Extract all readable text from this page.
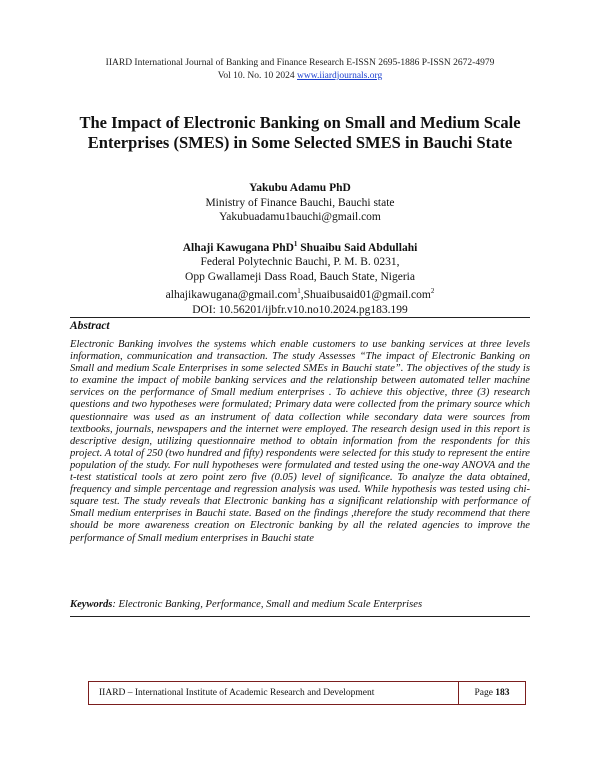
IIARD International Journal of Banking and Finance Research E-ISSN 2695-1886 P-ISSN 2672-4979
Vol 10. No. 10 2024 www.iiardjournals.org
The Impact of Electronic Banking on Small and Medium Scale Enterprises (SMES) in Some Selected SMES in Bauchi State
Yakubu Adamu PhD
Ministry of Finance Bauchi, Bauchi state
Yakubuadamu1bauchi@gmail.com
Alhaji Kawugana PhD$^1$ Shuaibu Said Abdullahi
Federal Polytechnic Bauchi, P. M. B. 0231,
Opp Gwallameji Dass Road, Bauch State, Nigeria
alhajikawugana@gmail.com$^1$,Shuaibusaid01@gmail.com$^2$
DOI: 10.56201/ijbfr.v10.no10.2024.pg183.199
Abstract
Electronic Banking involves the systems which enable customers to use banking services at three levels information, communication and transaction. The study Assesses “The impact of Electronic Banking on Small and medium Scale Enterprises in some selected SMEs in Bauchi state”. The objectives of the study is to examine the impact of mobile banking services and the relationship between automated teller machine services on the performance of Small medium enterprises . To achieve this objective, three (3) research questions and two hypotheses were formulated; Primary data were collected from the primary source which questionnaire was used as an instrument of data collection while secondary data were sources from textbooks, journals, newspapers and the internet were employed. The research design used in this report is descriptive design, utilizing questionnaire method to obtain information from the respondents for this project. A total of 250 (two hundred and fifty) respondents were selected for this study to represent the entire population of the study. For null hypotheses were formulated and tested using the one-way ANOVA and the t-test statistical tools at zero point zero five (0.05) level of significance. To analyze the data obtained, frequency and simple percentage and regression analysis was used. While hypothesis was tested using chi-square test. The study reveals that Electronic banking has a significant relationship with performance of Small medium enterprises in Bauchi state. Based on the findings ,therefore the study recommend that there should be more awareness creation on Electronic banking by all the related agencies to improve the performance of Small medium enterprises in Bauchi state
Keywords: Electronic Banking, Performance, Small and medium Scale Enterprises
IIARD – International Institute of Academic Research and Development	Page 183
